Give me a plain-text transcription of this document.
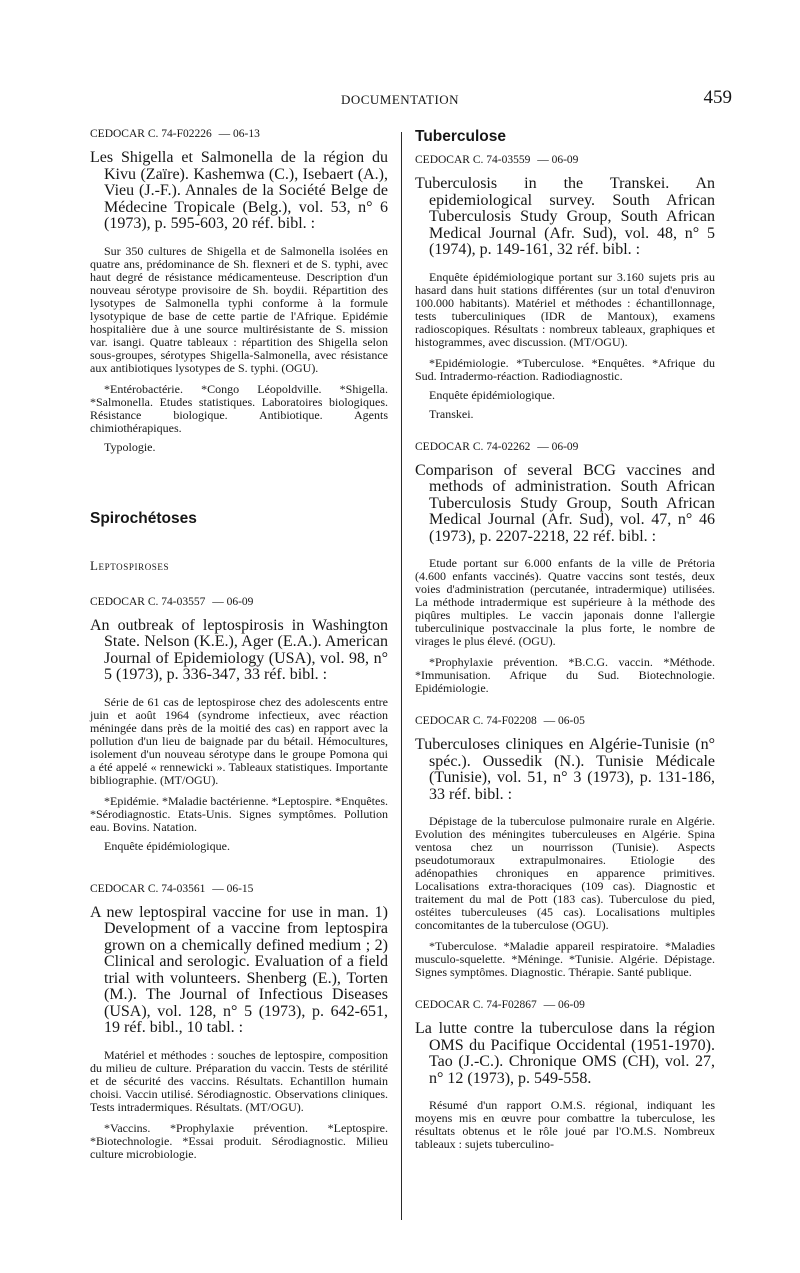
DOCUMENTATION	459

CEDOCAR C. 74-F02226 — 06-13

Les Shigella et Salmonella de la région du Kivu (Zaïre). Kashemwa (C.), Isebaert (A.), Vieu (J.-F.). Annales de la Société Belge de Médecine Tropicale (Belg.), vol. 53, n° 6 (1973), p. 595-603, 20 réf. bibl. :

Sur 350 cultures de Shigella et de Salmonella isolées en quatre ans, prédominance de Sh. flexneri et de S. typhi, avec haut degré de résistance médicamenteuse. Description d'un nouveau sérotype provisoire de Sh. boydii. Répartition des lysotypes de Salmonella typhi conforme à la formule lysotypique de base de cette partie de l'Afrique. Epidémie hospitalière due à une source multirésistante de S. mission var. isangi. Quatre tableaux : répartition des Shigella selon sous-groupes, sérotypes Shigella-Salmonella, avec résistance aux antibiotiques lysotypes de S. typhi. (OGU).

*Entérobactérie. *Congo Léopoldville. *Shigella. *Salmonella. Etudes statistiques. Laboratoires biologiques. Résistance biologique. Antibiotique. Agents chimiothérapiques.

Typologie.

Spirochétoses
Leptospiroses

CEDOCAR C. 74-03557 — 06-09

An outbreak of leptospirosis in Washington State. Nelson (K.E.), Ager (E.A.). American Journal of Epidemiology (USA), vol. 98, n° 5 (1973), p. 336-347, 33 réf. bibl. :

Série de 61 cas de leptospirose chez des adolescents entre juin et août 1964 (syndrome infectieux, avec réaction méningée dans près de la moitié des cas) en rapport avec la pollution d'un lieu de baignade par du bétail. Hémocultures, isolement d'un nouveau sérotype dans le groupe Pomona qui a été appelé « rennewicki ». Tableaux statistiques. Importante bibliographie. (MT/OGU).

*Epidémie. *Maladie bactérienne. *Leptospire. *Enquêtes. *Sérodiagnostic. Etats-Unis. Signes symptômes. Pollution eau. Bovins. Natation.

Enquête épidémiologique.

CEDOCAR C. 74-03561 — 06-15

A new leptospiral vaccine for use in man. 1) Development of a vaccine from leptospira grown on a chemically defined medium ; 2) Clinical and serologic. Evaluation of a field trial with volunteers. Shenberg (E.), Torten (M.). The Journal of Infectious Diseases (USA), vol. 128, n° 5 (1973), p. 642-651, 19 réf. bibl., 10 tabl. :

Matériel et méthodes : souches de leptospire, composition du milieu de culture. Préparation du vaccin. Tests de stérilité et de sécurité des vaccins. Résultats. Echantillon humain choisi. Vaccin utilisé. Sérodiagnostic. Observations cliniques. Tests intradermiques. Résultats. (MT/OGU).

*Vaccins. *Prophylaxie prévention. *Leptospire. *Biotechnologie. *Essai produit. Sérodiagnostic. Milieu culture microbiologie.

Tuberculose

CEDOCAR C. 74-03559 — 06-09

Tuberculosis in the Transkei. An epidemiological survey. South African Tuberculosis Study Group, South African Medical Journal (Afr. Sud), vol. 48, n° 5 (1974), p. 149-161, 32 réf. bibl. :

Enquête épidémiologique portant sur 3.160 sujets pris au hasard dans huit stations différentes (sur un total d'enuviron 100.000 habitants). Matériel et méthodes : échantillonnage, tests tuberculiniques (IDR de Mantoux), examens radioscopiques. Résultats : nombreux tableaux, graphiques et histogrammes, avec discussion. (MT/OGU).

*Epidémiologie. *Tuberculose. *Enquêtes. *Afrique du Sud. Intradermo-réaction. Radiodiagnostic.

Enquête épidémiologique.

Transkei.

CEDOCAR C. 74-02262 — 06-09

Comparison of several BCG vaccines and methods of administration. South African Tuberculosis Study Group, South African Medical Journal (Afr. Sud), vol. 47, n° 46 (1973), p. 2207-2218, 22 réf. bibl. :

Etude portant sur 6.000 enfants de la ville de Prétoria (4.600 enfants vaccinés). Quatre vaccins sont testés, deux voies d'administration (percutanée, intradermique) utilisées. La méthode intradermique est supérieure à la méthode des piqûres multiples. Le vaccin japonais donne l'allergie tuberculinique postvaccinale la plus forte, le nombre de virages le plus élevé. (OGU).

*Prophylaxie prévention. *B.C.G. vaccin. *Méthode. *Immunisation. Afrique du Sud. Biotechnologie. Epidémiologie.

CEDOCAR C. 74-F02208 — 06-05

Tuberculoses cliniques en Algérie-Tunisie (n° spéc.). Oussedik (N.). Tunisie Médicale (Tunisie), vol. 51, n° 3 (1973), p. 131-186, 33 réf. bibl. :

Dépistage de la tuberculose pulmonaire rurale en Algérie. Evolution des méningites tuberculeuses en Algérie. Spina ventosa chez un nourrisson (Tunisie). Aspects pseudotumoraux extrapulmonaires. Etiologie des adénopathies chroniques en apparence primitives. Localisations extra-thoraciques (109 cas). Diagnostic et traitement du mal de Pott (183 cas). Tuberculose du pied, ostéites tuberculeuses (45 cas). Localisations multiples concomitantes de la tuberculose (OGU).

*Tuberculose. *Maladie appareil respiratoire. *Maladies musculo-squelette. *Méninge. *Tunisie. Algérie. Dépistage. Signes symptômes. Diagnostic. Thérapie. Santé publique.

CEDOCAR C. 74-F02867 — 06-09

La lutte contre la tuberculose dans la région OMS du Pacifique Occidental (1951-1970). Tao (J.-C.). Chronique OMS (CH), vol. 27, n° 12 (1973), p. 549-558.

Résumé d'un rapport O.M.S. régional, indiquant les moyens mis en œuvre pour combattre la tuberculose, les résultats obtenus et le rôle joué par l'O.M.S. Nombreux tableaux : sujets tuberculino-
